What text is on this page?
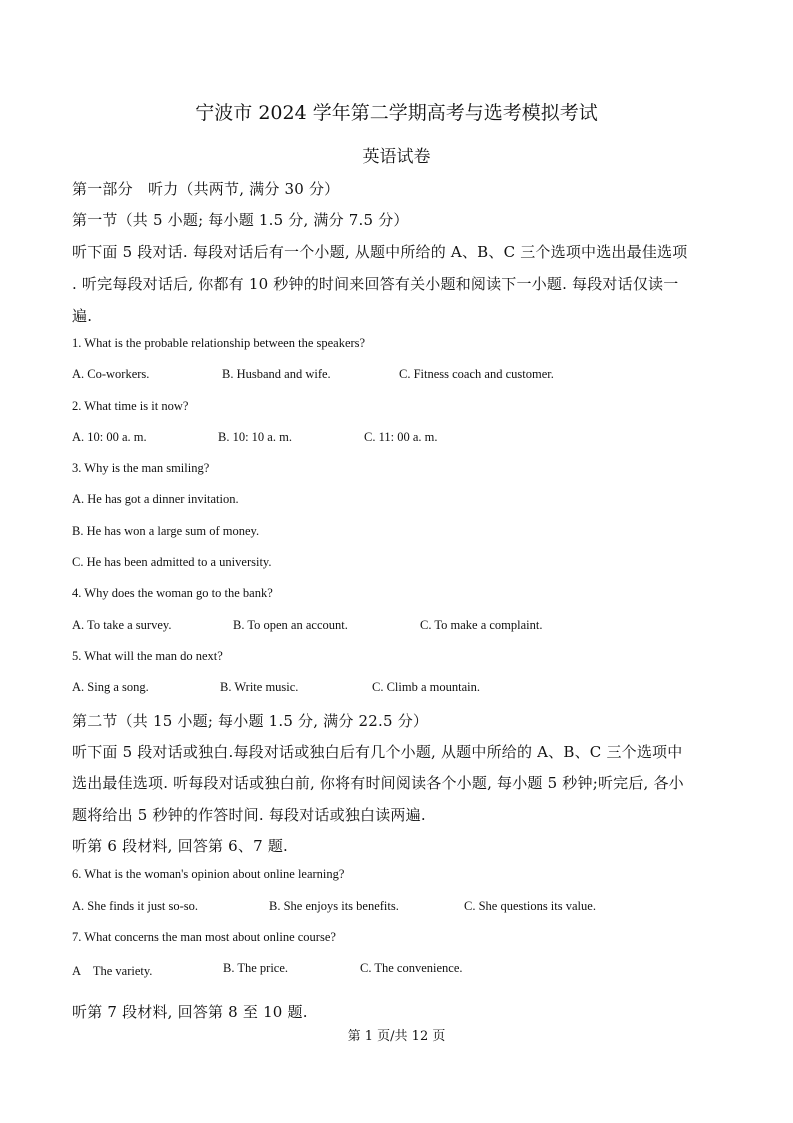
宁波市 2024 学年第二学期高考与选考模拟考试
英语试卷
第一部分　听力（共两节, 满分 30 分）
第一节（共 5 小题; 每小题 1.5 分, 满分 7.5 分）
听下面 5 段对话. 每段对话后有一个小题, 从题中所给的 A、B、C 三个选项中选出最佳选项
. 听完每段对话后, 你都有 10 秒钟的时间来回答有关小题和阅读下一小题. 每段对话仅读一
遍.
1. What is the probable relationship between the speakers?
A. Co-workers.	B. Husband and wife.	C. Fitness coach and customer.
2. What time is it now?
A. 10: 00 a. m.	B. 10: 10 a. m.	C. 11: 00 a. m.
3. Why is the man smiling?
A. He has got a dinner invitation.
B. He has won a large sum of money.
C. He has been admitted to a university.
4. Why does the woman go to the bank?
A. To take a survey.	B. To open an account.	C. To make a complaint.
5. What will the man do next?
A. Sing a song.	B. Write music.	C. Climb a mountain.
第二节（共 15 小题; 每小题 1.5 分, 满分 22.5 分）
听下面 5 段对话或独白.每段对话或独白后有几个小题, 从题中所给的 A、B、C 三个选项中
选出最佳选项. 听每段对话或独白前, 你将有时间阅读各个小题, 每小题 5 秒钟;听完后, 各小
题将给出 5 秒钟的作答时间. 每段对话或独白读两遍.
听第 6 段材料, 回答第 6、7 题.
6. What is the woman's opinion about online learning?
A. She finds it just so-so.	B. She enjoys its benefits.	C. She questions its value.
7. What concerns the man most about online course?
A　The variety.	B. The price.	C. The convenience.
听第 7 段材料, 回答第 8 至 10 题.
第 1 页/共 12 页
